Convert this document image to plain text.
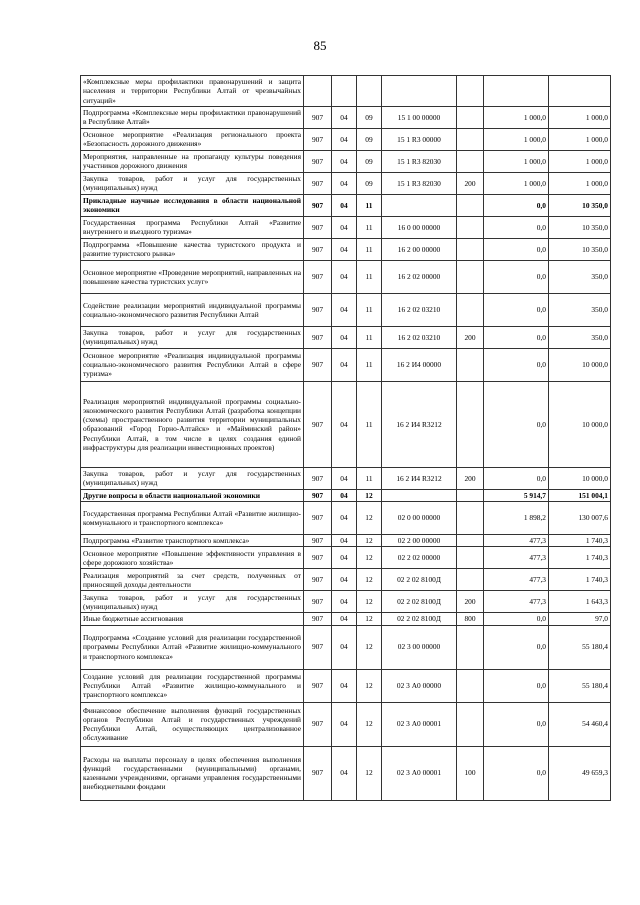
85
«Комплексные меры профилактики правонарушений и защита населения и территории Республики Алтай от чрезвычайных ситуаций»							
Подпрограмма «Комплексные меры профилактики правонарушений в Республике Алтай»	907	04	09	15 1 00 00000		1 000,0	1 000,0
Основное мероприятие «Реализация регионального проекта «Безопасность дорожного движения»	907	04	09	15 1 R3 00000		1 000,0	1 000,0
Мероприятия, направленные на пропаганду культуры поведения участников дорожного движения	907	04	09	15 1 R3 82030		1 000,0	1 000,0
Закупка товаров, работ и услуг для государственных (муниципальных) нужд	907	04	09	15 1 R3 82030	200	1 000,0	1 000,0
Прикладные научные исследования в области национальной экономики	907	04	11			0,0	10 350,0
Государственная программа Республики Алтай «Развитие внутреннего и въездного туризма»	907	04	11	16 0 00 00000		0,0	10 350,0
Подпрограмма «Повышение качества туристского продукта и развитие туристского рынка»	907	04	11	16 2 00 00000		0,0	10 350,0
Основное мероприятие «Проведение мероприятий, направленных на повышение качества туристских услуг»	907	04	11	16 2 02 00000		0,0	350,0
Содействие реализации мероприятий индивидуальной программы социально-экономического развития Республики Алтай	907	04	11	16 2 02 03210		0,0	350,0
Закупка товаров, работ и услуг для государственных (муниципальных) нужд	907	04	11	16 2 02 03210	200	0,0	350,0
Основное мероприятие «Реализация индивидуальной программы социально-экономического развития Республики Алтай в сфере туризма»	907	04	11	16 2 И4 00000		0,0	10 000,0
Реализация мероприятий индивидуальной программы социально-экономического развития Республики Алтай (разработка концепции (схемы) пространственного развития территории муниципальных образований «Город Горно-Алтайск» и «Майминский район» Республики Алтай, в том числе в целях создания единой инфраструктуры для реализации инвестиционных проектов)	907	04	11	16 2 И4 R3212		0,0	10 000,0
Закупка товаров, работ и услуг для государственных (муниципальных) нужд	907	04	11	16 2 И4 R3212	200	0,0	10 000,0
Другие вопросы в области национальной экономики	907	04	12			5 914,7	151 004,1
Государственная программа Республики Алтай «Развитие жилищно-коммунального и транспортного комплекса»	907	04	12	02 0 00 00000		1 898,2	130 007,6
Подпрограмма «Развитие транспортного комплекса»	907	04	12	02 2 00 00000		477,3	1 740,3
Основное мероприятие «Повышение эффективности управления в сфере дорожного хозяйства»	907	04	12	02 2 02 00000		477,3	1 740,3
Реализация мероприятий за счет средств, полученных от приносящей доходы деятельности	907	04	12	02 2 02 8100Д		477,3	1 740,3
Закупка товаров, работ и услуг для государственных (муниципальных) нужд	907	04	12	02 2 02 8100Д	200	477,3	1 643,3
Иные бюджетные ассигнования	907	04	12	02 2 02 8100Д	800	0,0	97,0
Подпрограмма «Создание условий для реализации государственной программы Республики Алтай «Развитие жилищно-коммунального и транспортного комплекса»	907	04	12	02 3 00 00000		0,0	55 180,4
Создание условий для реализации государственной программы Республики Алтай «Развитие жилищно-коммунального и транспортного комплекса»	907	04	12	02 3 А0 00000		0,0	55 180,4
Финансовое обеспечение выполнения функций государственных органов Республики Алтай и государственных учреждений Республики Алтай, осуществляющих централизованное обслуживание	907	04	12	02 3 А0 00001		0,0	54 460,4
Расходы на выплаты персоналу в целях обеспечения выполнения функций государственными (муниципальными) органами, казенными учреждениями, органами управления государственными внебюджетными фондами	907	04	12	02 3 А0 00001	100	0,0	49 659,3
